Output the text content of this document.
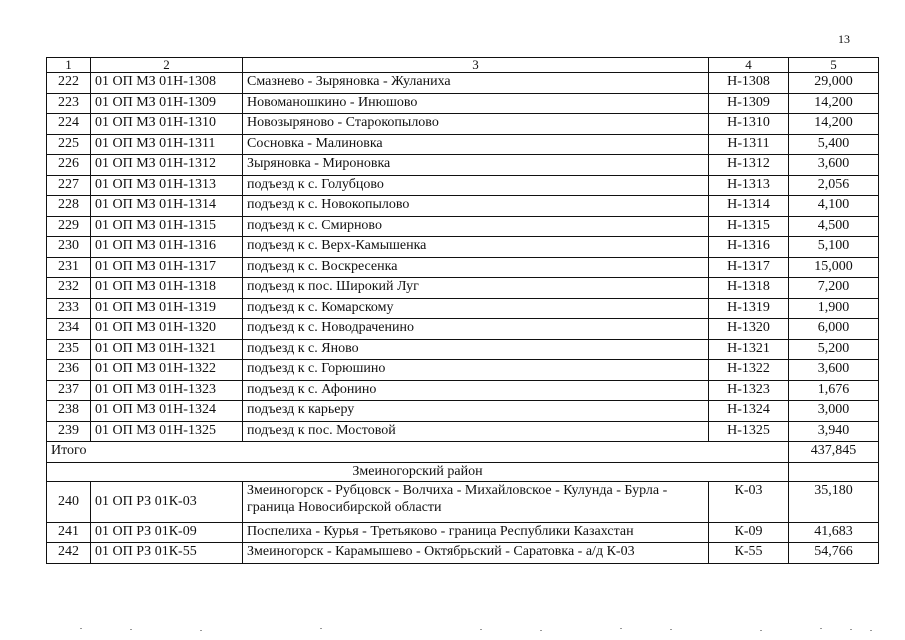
13
1	2	3	4	5
222	01 ОП МЗ 01Н-1308	Смазнево - Зыряновка - Жуланиха	Н-1308	29,000
223	01 ОП МЗ 01Н-1309	Новоманошкино - Инюшово	Н-1309	14,200
224	01 ОП МЗ 01Н-1310	Новозыряново - Старокопылово	Н-1310	14,200
225	01 ОП МЗ 01Н-1311	Сосновка - Малиновка	Н-1311	5,400
226	01 ОП МЗ 01Н-1312	Зыряновка - Мироновка	Н-1312	3,600
227	01 ОП МЗ 01Н-1313	подъезд к с. Голубцово	Н-1313	2,056
228	01 ОП МЗ 01Н-1314	подъезд к с. Новокопылово	Н-1314	4,100
229	01 ОП МЗ 01Н-1315	подъезд к с. Смирново	Н-1315	4,500
230	01 ОП МЗ 01Н-1316	подъезд к с. Верх-Камышенка	Н-1316	5,100
231	01 ОП МЗ 01Н-1317	подъезд к с. Воскресенка	Н-1317	15,000
232	01 ОП МЗ 01Н-1318	подъезд к пос. Широкий Луг	Н-1318	7,200
233	01 ОП МЗ 01Н-1319	подъезд к с. Комарскому	Н-1319	1,900
234	01 ОП МЗ 01Н-1320	подъезд к с. Новодраченино	Н-1320	6,000
235	01 ОП МЗ 01Н-1321	подъезд к с. Яново	Н-1321	5,200
236	01 ОП МЗ 01Н-1322	подъезд к с. Горюшино	Н-1322	3,600
237	01 ОП МЗ 01Н-1323	подъезд к с. Афонино	Н-1323	1,676
238	01 ОП МЗ 01Н-1324	подъезд к карьеру	Н-1324	3,000
239	01 ОП МЗ 01Н-1325	подъезд к пос. Мостовой	Н-1325	3,940
Итого				437,845
Змеиногорский район				
240	01 ОП РЗ 01К-03	Змеиногорск - Рубцовск - Волчиха - Михайловское - Кулунда - Бурла - граница Новосибирской области	К-03	35,180
241	01 ОП РЗ 01К-09	Поспелиха - Курья - Третьяково - граница Республики Казахстан	К-09	41,683
242	01 ОП РЗ 01К-55	Змеиногорск - Карамышево - Октябрьский - Саратовка - а/д К-03	К-55	54,766
